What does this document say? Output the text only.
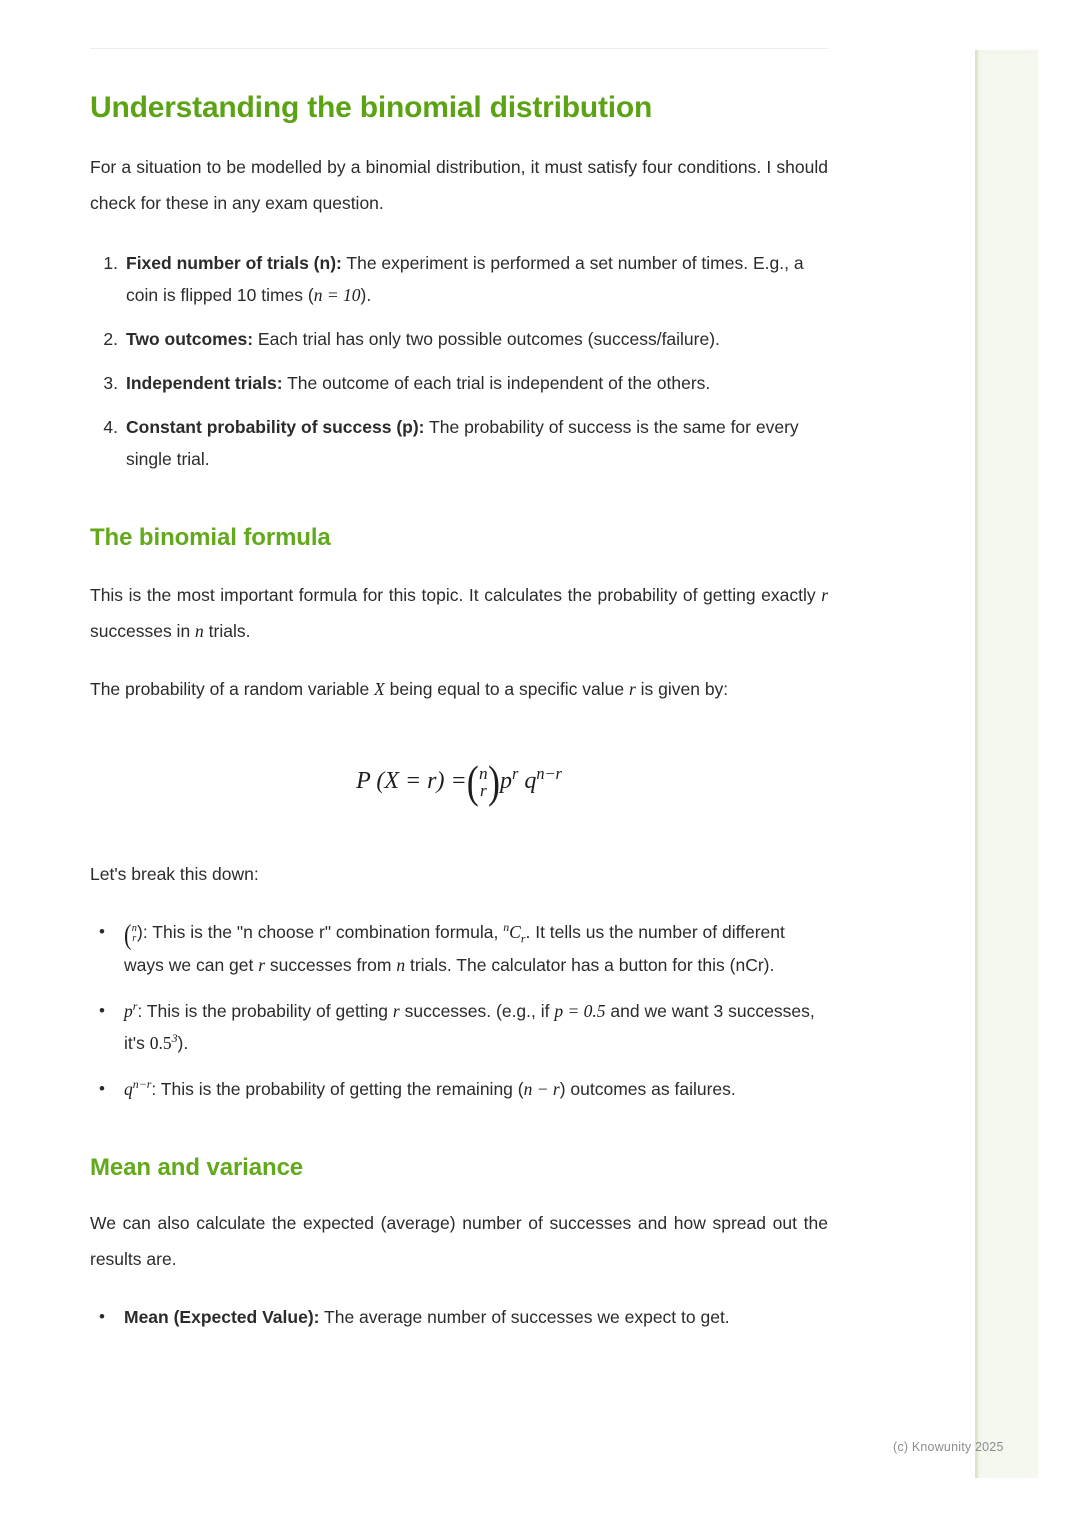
Understanding the binomial distribution

For a situation to be modelled by a binomial distribution, it must satisfy four conditions. I should check for these in any exam question.

1. Fixed number of trials (n): The experiment is performed a set number of times. E.g., a coin is flipped 10 times (n = 10).
2. Two outcomes: Each trial has only two possible outcomes (success/failure).
3. Independent trials: The outcome of each trial is independent of the others.
4. Constant probability of success (p): The probability of success is the same for every single trial.
The binomial formula

This is the most important formula for this topic. It calculates the probability of getting exactly r successes in n trials.

The probability of a random variable X being equal to a specific value r is given by:

P (X = r) =(n
$r)p^r$ $q^{n-r}$

Let's break this down:

• (n
r): This is the "n choose r" combination formula, $^nC_r$. It tells us the number of different ways we can get r successes from n trials. The calculator has a button for this (nCr).
•	$p^r$: This is the probability of getting r successes. (e.g., if p = 0.5 and we want 3 successes, it's $0.5^3$).
•	$q^{n-r}$: This is the probability of getting the remaining (n − r) outcomes as failures.
Mean and variance

We can also calculate the expected (average) number of successes and how spread out the results are.

•	Mean (Expected Value): The average number of successes we expect to get.
(c) Knowunity 2025
